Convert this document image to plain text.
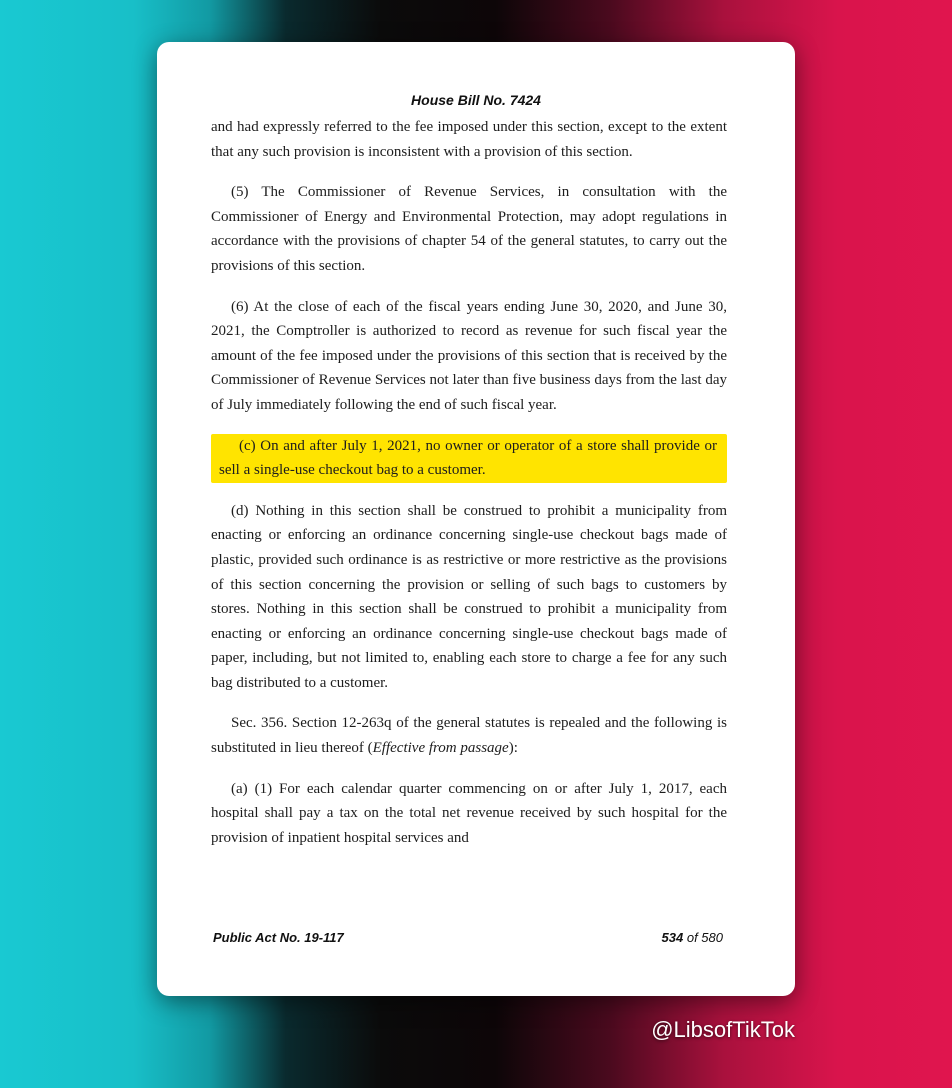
House Bill No. 7424

and had expressly referred to the fee imposed under this section, except to the extent that any such provision is inconsistent with a provision of this section.

(5) The Commissioner of Revenue Services, in consultation with the Commissioner of Energy and Environmental Protection, may adopt regulations in accordance with the provisions of chapter 54 of the general statutes, to carry out the provisions of this section.

(6) At the close of each of the fiscal years ending June 30, 2020, and June 30, 2021, the Comptroller is authorized to record as revenue for such fiscal year the amount of the fee imposed under the provisions of this section that is received by the Commissioner of Revenue Services not later than five business days from the last day of July immediately following the end of such fiscal year.

(c) On and after July 1, 2021, no owner or operator of a store shall provide or sell a single-use checkout bag to a customer.

(d) Nothing in this section shall be construed to prohibit a municipality from enacting or enforcing an ordinance concerning single-use checkout bags made of plastic, provided such ordinance is as restrictive or more restrictive as the provisions of this section concerning the provision or selling of such bags to customers by stores. Nothing in this section shall be construed to prohibit a municipality from enacting or enforcing an ordinance concerning single-use checkout bags made of paper, including, but not limited to, enabling each store to charge a fee for any such bag distributed to a customer.

Sec. 356. Section 12-263q of the general statutes is repealed and the following is substituted in lieu thereof (Effective from passage):

(a) (1) For each calendar quarter commencing on or after July 1, 2017, each hospital shall pay a tax on the total net revenue received by such hospital for the provision of inpatient hospital services and

Public Act No. 19-117	534 of 580
@LibsofTikTok
